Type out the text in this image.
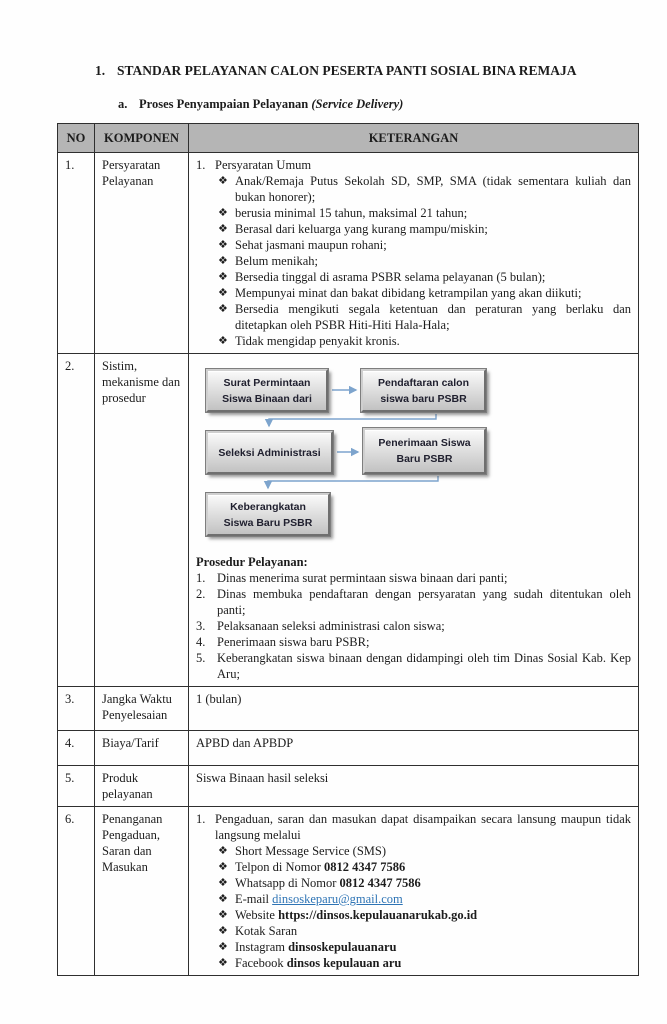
1. STANDAR PELAYANAN CALON PESERTA PANTI SOSIAL BINA REMAJA
a. Proses Penyampaian Pelayanan (Service Delivery)
NO	KOMPONEN	KETERANGAN
1.	Persyaratan Pelayanan	
1. Persyaratan Umum
❖ Anak/Remaja Putus Sekolah SD, SMP, SMA (tidak sementara kuliah dan bukan honorer);
❖ berusia minimal 15 tahun, maksimal 21 tahun;
❖ Berasal dari keluarga yang kurang mampu/miskin;
❖ Sehat jasmani maupun rohani;
❖ Belum menikah;
❖ Bersedia tinggal di asrama PSBR selama pelayanan (5 bulan);
❖ Mempunyai minat dan bakat dibidang ketrampilan yang akan diikuti;
❖ Bersedia mengikuti segala ketentuan dan peraturan yang berlaku dan ditetapkan oleh PSBR Hiti-Hiti Hala-Hala;
❖ Tidak mengidap penyakit kronis.

2.	Sistim, mekanisme dan prosedur	
Surat Permintaan Siswa Binaan dari
Pendaftaran calon siswa baru PSBR
Seleksi Administrasi
Penerimaan Siswa Baru PSBR
Keberangkatan Siswa Baru PSBR
Prosedur Pelayanan:
1. Dinas menerima surat permintaan siswa binaan dari panti;
2. Dinas membuka pendaftaran dengan persyaratan yang sudah ditentukan oleh panti;
3. Pelaksanaan seleksi administrasi calon siswa;
4. Penerimaan siswa baru PSBR;
5. Keberangkatan siswa binaan dengan didampingi oleh tim Dinas Sosial Kab. Kep Aru;

3.	Jangka Waktu Penyelesaian	1 (bulan)
4.	Biaya/Tarif	APBD dan APBDP
5.	Produk pelayanan	Siswa Binaan hasil seleksi
6.	Penanganan Pengaduan, Saran dan Masukan	
1. Pengaduan, saran dan masukan dapat disampaikan secara lansung maupun tidak langsung melalui
❖ Short Message Service (SMS)
❖ Telpon di Nomor 0812 4347 7586
❖ Whatsapp di Nomor 0812 4347 7586
❖ E-mail dinsoskeparu@gmail.com
❖ Website https://dinsos.kepulauanarukab.go.id
❖ Kotak Saran
❖ Instagram dinsoskepulauanaru
❖ Facebook dinsos kepulauan aru
